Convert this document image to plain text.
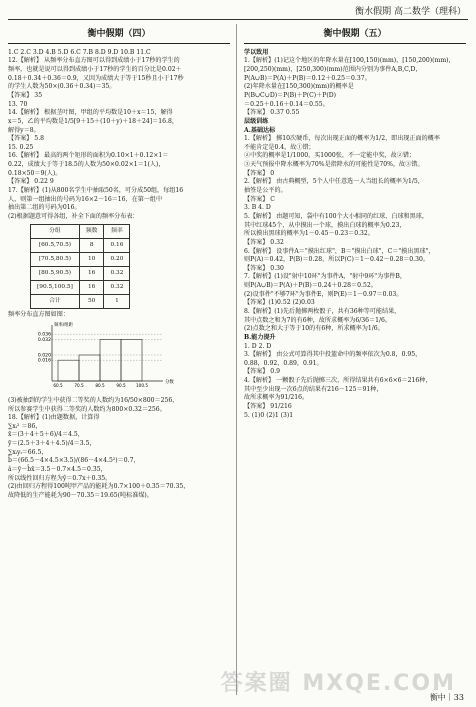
衡水假期 高二数学（理科）
衡中假期（四）
1.C 2.C 3.D 4.B 5.D 6.C 7.B 8.D 9.D 10.B 11.C
12.【解析】 从频率分布直方图可以得到成绩小于17秒的学生的
频率，也就是说可以得到成绩小于17秒的学生的百分比是0.02＋
0.18＋0.34＋0.36＝0.9，又因为成绩大于等于15秒且小于17秒
的学生人数为50×(0.36＋0.34)＝35。
【答案】 35
13. 70
14.【解析】 根据茎叶图，甲组的平均数是10＋x＝15，解得
x＝5，乙的平均数是1/5[9＋15＋(10＋y)＋18＋24]＝16.8，
解得y＝8。
【答案】 5.8
15. 0.25
16.【解析】 最高的两个矩形的面积为0.10×1＋0.12×1＝
0.22，成绩大于等于18.5的人数为50×0.02×1＝1(人)，
0.18×50＝9(人)。
【答案】 0.22 9
17.【解析】(1)从800名学生中抽取50名，可分成50组，每组16
人，则第一组抽出的号码为16×2－16＝16，在第一组中
抽出第二组的号码为016。
(2)根据题意可得各组，补全下面的频率分布表：
分组	频数	频率
[60.5,70.5)	8	0.16
[70.5,80.5)	10	0.20
[80.5,90.5)	16	0.32
[90.5,100.5]	16	0.32
合计	50	1
频率分布直方图如图：
0.036
0.032
0.020
0.016
60.5	70.5	80.5	90.5 100.5
频率/组距
分数
(3)被抽到的学生中获得二等奖的人数约为16/50×800＝256，
所以参赛学生中获得二等奖的人数约为800×0.32＝256。
18.【解析】(1)由题数据，计算得
∑xᵢ² ＝86，
x̄＝(3＋4＋5＋6)/4＝4.5，
ȳ＝(2.5＋3＋4＋4.5)/4＝3.5，
∑xᵢyᵢ＝66.5，
b̂＝(66.5－4×4.5×3.5)/(86－4×4.5²)＝0.7，
â＝ȳ－b̂x̄＝3.5－0.7×4.5＝0.35，
所以线性回归方程为ŷ＝0.7x＋0.35。
(2)由回归方程得100吨甲产品的能耗为0.7×100＋0.35＝70.35，
故降低的生产能耗为90－70.35＝19.65(吨标准煤)。
衡中假期（五）
学以致用
1.【解析】(1)记这个地区的年降水量在[100,150)(mm)，[150,200)(mm)，
[200,250)(mm)，[250,300)(mm)范围内分别为事件A,B,C,D，
P(A∪B)＝P(A)＋P(B)＝0.12＋0.25＝0.37。
(2)年降水量在[150,300)(mm)的概率是
P(B∪C∪D)＝P(B)＋P(C)＋P(D)
＝0.25＋0.16＋0.14＝0.55。
【答案】 0.37 0.55
层级训练
A.基础达标
1.【解析】 掷10次硬币，每次出现正面的概率为1/2，即出现正面的概率
不能肯定是0.4，故①错；
②中奖的概率是1/1000，买1000张，不一定能中奖，故②错；
③天气预报中降水概率为70%是指降水的可能性是70%，故③错。
【答案】 0
2.【解析】 由古典概型，5个人中任意选一人当组长的概率为1/5，
抽签是公平的。
【答案】 C
3. B 4. D
5.【解析】 由题可知，袋中有100个大小相同的红球、白球和黑球，
其中红球45个，从中摸出一个球，摸出白球的概率为0.23，
所以摸出黑球的概率为1－0.45－0.23＝0.32。
【答案】 0.32
6.【解析】 设事件A＝"摸出红球"，B＝"摸出白球"，C＝"摸出黑球"，
则P(A)＝0.42，P(B)＝0.28，所以P(C)＝1－0.42－0.28＝0.30。
【答案】 0.30
7.【解析】(1)设"射中10环"为事件A，"射中9环"为事件B，
则P(A∪B)＝P(A)＋P(B)＝0.24＋0.28＝0.52。
(2)设事件"不够7环"为事件E，则P(E)＝1－0.97＝0.03。
【答案】(1)0.52 (2)0.03
8.【解析】(1)先后抛掷两枚骰子，共有36种等可能结果，
其中点数之和为7的有6种，故所求概率为6/36＝1/6。
(2)点数之和大于等于10的有6种，所求概率为1/6。
B.能力提升
1. D 2. D
3.【解析】 由公式可算得其中投篮命中的频率依次为0.8，0.95，
0.88，0.92，0.89，0.91。
【答案】 0.9
4.【解析】 一颗骰子先后抛掷三次，所得结果共有6×6×6＝216种，
其中至少出现一次6点的结果有216－125＝91种，
故所求概率为91/216。
【答案】 91/216
5. (1)0 (2)1 (3)1
答案圈 MXQE.COM
衡中｜33
